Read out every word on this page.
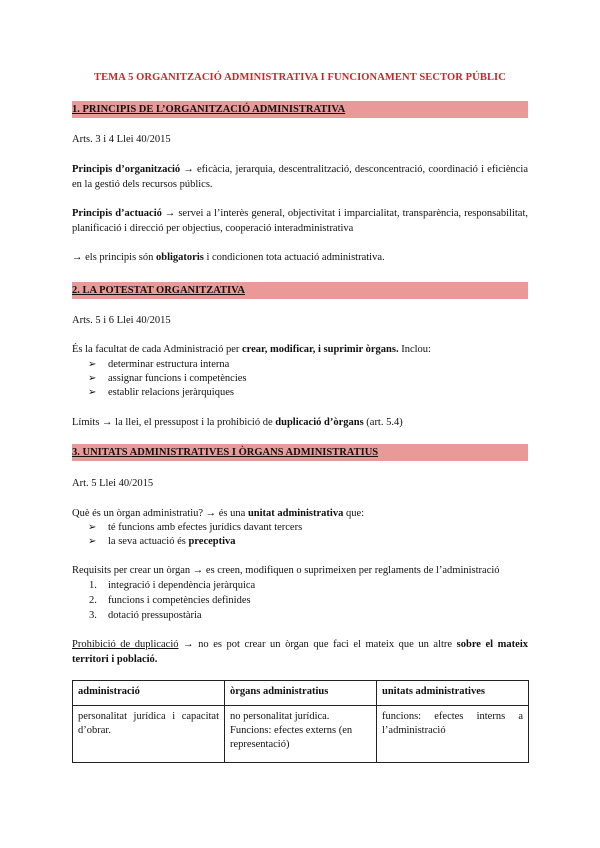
TEMA 5 ORGANITZACIÓ ADMINISTRATIVA I FUNCIONAMENT SECTOR PÚBLIC
1. PRINCIPIS DE L’ORGANITZACIÓ ADMINISTRATIVA
Arts. 3 i 4 Llei 40/2015
Principis d’organització → eficàcia, jerarquia, descentralització, desconcentració, coordinació i eficiència en la gestió dels recursos públics.
Principis d’actuació → servei a l’interès general, objectivitat i imparcialitat, transparència, responsabilitat, planificació i direcció per objectius, cooperació interadministrativa
→ els principis són obligatoris i condicionen tota actuació administrativa.
2. LA POTESTAT ORGANITZATIVA
Arts. 5 i 6 Llei 40/2015
És la facultat de cada Administració per crear, modificar, i suprimir òrgans. Inclou:
➢ determinar estructura interna
➢ assignar funcions i competències
➢ establir relacions jeràrquiques
Límits → la llei, el pressupost i la prohibició de duplicació d’òrgans (art. 5.4)
3. UNITATS ADMINISTRATIVES I ÒRGANS ADMINISTRATIUS
Art. 5 Llei 40/2015
Què és un òrgan administratiu? → és una unitat administrativa que:
➢ té funcions amb efectes jurídics davant tercers
➢ la seva actuació és preceptiva
Requisits per crear un òrgan → es creen, modifiquen o suprimeixen per reglaments de l’administració
1. integració i dependència jeràrquica
2. funcions i competències definides
3. dotació pressupostària
Prohibició de duplicació → no es pot crear un òrgan que faci el mateix que un altre sobre el mateix territori i població.
administració	òrgans administratius	unitats administratives
personalitat jurídica i capacitat d’obrar.	no personalitat jurídica. Funcions: efectes externs (en representació)	funcions: efectes interns a l’administració
